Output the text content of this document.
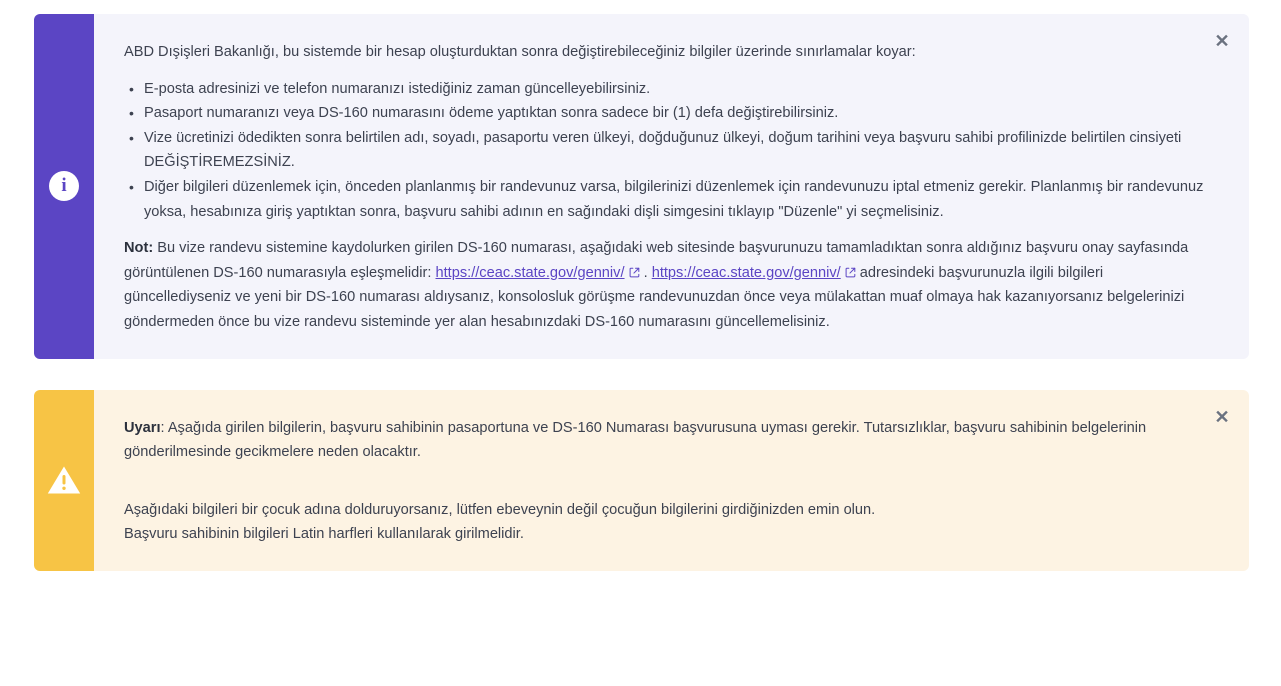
i
✕

ABD Dışişleri Bakanlığı, bu sistemde bir hesap oluşturduktan sonra değiştirebileceğiniz bilgiler üzerinde sınırlamalar koyar:

• E-posta adresinizi ve telefon numaranızı istediğiniz zaman güncelleyebilirsiniz.
• Pasaport numaranızı veya DS-160 numarasını ödeme yaptıktan sonra sadece bir (1) defa değiştirebilirsiniz.
• Vize ücretinizi ödedikten sonra belirtilen adı, soyadı, pasaportu veren ülkeyi, doğduğunuz ülkeyi, doğum tarihini veya başvuru sahibi profilinizde belirtilen cinsiyeti DEĞİŞTİREMEZSİNİZ.
• Diğer bilgileri düzenlemek için, önceden planlanmış bir randevunuz varsa, bilgilerinizi düzenlemek için randevunuzu iptal etmeniz gerekir. Planlanmış bir randevunuz yoksa, hesabınıza giriş yaptıktan sonra, başvuru sahibi adının en sağındaki dişli simgesini tıklayıp "Düzenle" yi seçmelisiniz.

Not: Bu vize randevu sistemine kaydolurken girilen DS-160 numarası, aşağıdaki web sitesinde başvurunuzu tamamladıktan sonra aldığınız başvuru onay sayfasında görüntülenen DS-160 numarasıyla eşleşmelidir: https://ceac.state.gov/genniv/
. https://ceac.state.gov/genniv/
adresindeki başvurunuzla ilgili bilgileri güncellediyseniz ve yeni bir DS-160 numarası aldıysanız, konsolosluk görüşme randevunuzdan önce veya mülakattan muaf olmaya hak kazanıyorsanız belgelerinizi göndermeden önce bu vize randevu sisteminde yer alan hesabınızdaki DS-160 numarasını güncellemelisiniz.

✕

Uyarı: Aşağıda girilen bilgilerin, başvuru sahibinin pasaportuna ve DS-160 Numarası başvurusuna uyması gerekir. Tutarsızlıklar, başvuru sahibinin belgelerinin gönderilmesinde gecikmelere neden olacaktır.

Aşağıdaki bilgileri bir çocuk adına dolduruyorsanız, lütfen ebeveynin değil çocuğun bilgilerini girdiğinizden emin olun.

Başvuru sahibinin bilgileri Latin harfleri kullanılarak girilmelidir.
